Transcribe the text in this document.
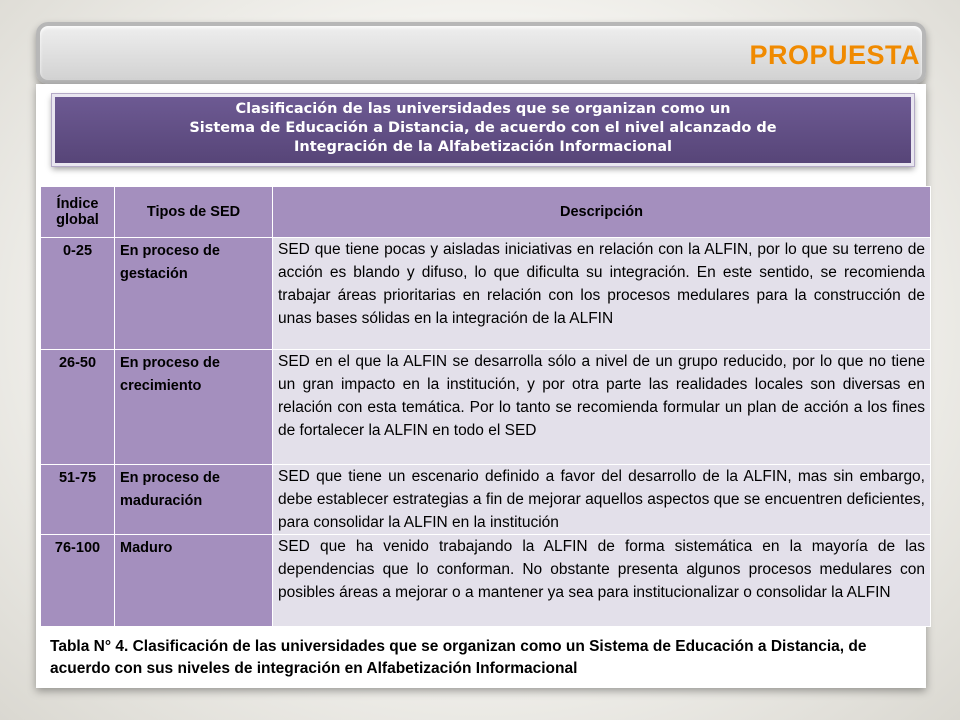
PROPUESTA
Clasificación de las universidades que se organizan como un
Sistema de Educación a Distancia, de acuerdo con el nivel alcanzado de
Integración de la Alfabetización Informacional
Índice global	Tipos de SED	Descripción
0-25	En proceso de gestación	SED que tiene pocas y aisladas iniciativas en relación con la ALFIN, por lo que su terreno de acción es blando y difuso, lo que dificulta su integración. En este sentido, se recomienda trabajar áreas prioritarias en relación con los procesos medulares para la construcción de unas bases sólidas en la integración de la ALFIN
26-50	En proceso de crecimiento	SED en el que la ALFIN se desarrolla sólo a nivel de un grupo reducido, por lo que no tiene un gran impacto en la institución, y por otra parte las realidades locales son diversas en relación con esta temática. Por lo tanto se recomienda formular un plan de acción a los fines de fortalecer la ALFIN en todo el SED
51-75	En proceso de maduración	SED que tiene un escenario definido a favor del desarrollo de la ALFIN, mas sin embargo, debe establecer estrategias a fin de mejorar aquellos aspectos que se encuentren deficientes, para consolidar la ALFIN en la institución
76-100	Maduro	SED que ha venido trabajando la ALFIN de forma sistemática en la mayoría de las dependencias que lo conforman. No obstante presenta algunos procesos medulares con posibles áreas a mejorar o a mantener ya sea para institucionalizar o consolidar la ALFIN
Tabla N° 4. Clasificación de las universidades que se organizan como un Sistema de Educación a Distancia, de acuerdo con sus niveles de integración en Alfabetización Informacional
